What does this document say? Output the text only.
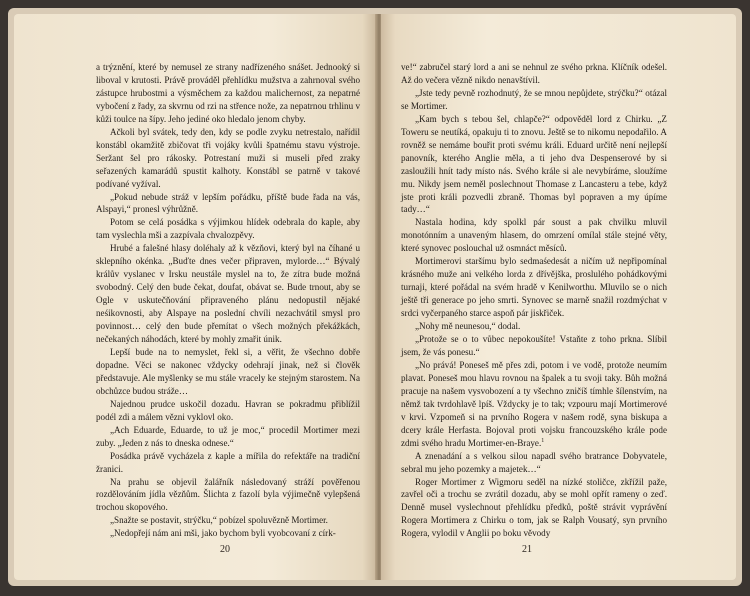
a trýznění, které by nemusel ze strany nadřízeného snášet. Jednooký si liboval v krutosti. Právě prováděl přehlídku mužstva a zahrnoval svého zástupce hrubostmi a výsměchem za každou malichernost, za nepatrné vybočení z řady, za skvrnu od rzi na střence nože, za nepatrnou trhlinu v kůži toulce na šípy. Jeho jediné oko hledalo jenom chyby.

Ačkoli byl svátek, tedy den, kdy se podle zvyku netrestalo, nařídil konstábl okamžitě zbičovat tři vojáky kvůli špatnému stavu výstroje. Seržant šel pro rákosky. Potrestaní muži si museli před zraky seřazených kamarádů spustit kalhoty. Konstábl se patrně v takové podívané vyžíval.

„Pokud nebude stráž v lepším pořádku, příště bude řada na vás, Alspayi,“ pronesl výhrůžně.

Potom se celá posádka s výjimkou hlídek odebrala do kaple, aby tam vyslechla mši a zazpívala chvalozpěvy.

Hrubé a falešné hlasy doléhaly až k vězňovi, který byl na číhané u sklepního okénka. „Buďte dnes večer připraven, mylorde…“ Bývalý králův vyslanec v Irsku neustále myslel na to, že zítra bude možná svobodný. Celý den bude čekat, doufat, obávat se. Bude trnout, aby se Ogle v uskutečňování připraveného plánu nedopustil nějaké neśikovnosti, aby Alspaye na poslední chvíli nezachvátil smysl pro povinnost… celý den bude přemítat o všech možných překážkách, nečekaných náhodách, které by mohly zmařit únik.

Lepší bude na to nemyslet, řekl si, a věřit, že všechno dobře dopadne. Věci se nakonec vždycky odehrají jinak, než si člověk představuje. Ale myšlenky se mu stále vracely ke stejným starostem. Na obchůzce budou stráže…

Najednou prudce uskočil dozadu. Havran se pokradmu přiblížil podél zdi a málem vězni vyklovl oko.

„Ach Eduarde, Eduarde, to už je moc,“ procedil Mortimer mezi zuby. „Jeden z nás to dneska odnese.“

Posádka právě vycházela z kaple a mířila do refektáře na tradiční žranici.

Na prahu se objevil žalářník následovaný stráží pověřenou rozdělováním jídla vězňům. Šlichta z fazolí byla výjimečně vylepšená trochou skopového.

„Snažte se postavit, strýčku,“ pobízel spoluvězně Mortimer.

„Nedopřejí nám ani mši, jako bychom byli vyobcovaní z círk-

20

ve!“ zabručel starý lord a ani se nehnul ze svého prkna. Klíčník odešel. Až do večera vězně nikdo nenavštívil.

„Jste tedy pevně rozhodnutý, že se mnou nepůjdete, strýčku?“ otázal se Mortimer.

„Kam bych s tebou šel, chlapče?“ odpověděl lord z Chirku. „Z Toweru se neutíká, opakuju ti to znovu. Ještě se to nikomu nepodařilo. A rovněž se nemáme bouřit proti svému králi. Eduard určitě není nejlepší panovník, kterého Anglie měla, a ti jeho dva Despenserové by si zasloužili hnít tady místo nás. Svého krále si ale nevybíráme, sloužíme mu. Nikdy jsem neměl poslechnout Thomase z Lancasteru a tebe, když jste proti králi pozvedli zbraně. Thomas byl popraven a my úpíme tady…“

Nastala hodina, kdy spolkl pár soust a pak chvilku mluvil monotónním a unaveným hlasem, do omrzení omílal stále stejné věty, které synovec poslouchal už osmnáct měsíců.

Mortimerovi staršímu bylo sedmaśedesát a ničím už nepřipomínal krásného muže ani velkého lorda z dřívějška, proslulého pohádkovými turnaji, které pořádal na svém hradě v Kenilworthu. Mluvilo se o nich ještě tři generace po jeho smrti. Synovec se marně snažil rozdmýchat v srdci vyčerpaného starce aspoň pár jiskřiček.

„Nohy mě neunesou,“ dodal.

„Protože se o to vůbec nepokoušíte! Vstaňte z toho prkna. Slíbil jsem, že vás ponesu.“

„No prává! Poneseš mě přes zdi, potom i ve vodě, protože neumím plavat. Poneseš mou hlavu rovnou na špalek a tu svoji taky. Bůh možná pracuje na našem vysvobození a ty všechno zničíš tímhle šílenstvím, na němž tak tvrdohlavě lpíš. Vždycky je to tak; vzpouru mají Mortimerové v krvi. Vzpomeň si na prvního Rogera v našem rodě, syna biskupa a dcery krále Herfasta. Bojoval proti vojsku francouzského krále pode zdmi svého hradu Mortimer-en-Braye.$^1$

A znenadání a s velkou silou napadl svého bratrance Dobyvatele, sebral mu jeho pozemky a majetek…“

Roger Mortimer z Wigmoru seděl na nízké stoličce, zkřížil paže, zavřel oči a trochu se zvrátil dozadu, aby se mohl opřít rameny o zeď. Denně musel vyslechnout přehlídku předků, poště strávit vyprávění Rogera Mortimera z Chirku o tom, jak se Ralph Vousatý, syn prvního Rogera, vylodil v Anglii po boku věvody

21
